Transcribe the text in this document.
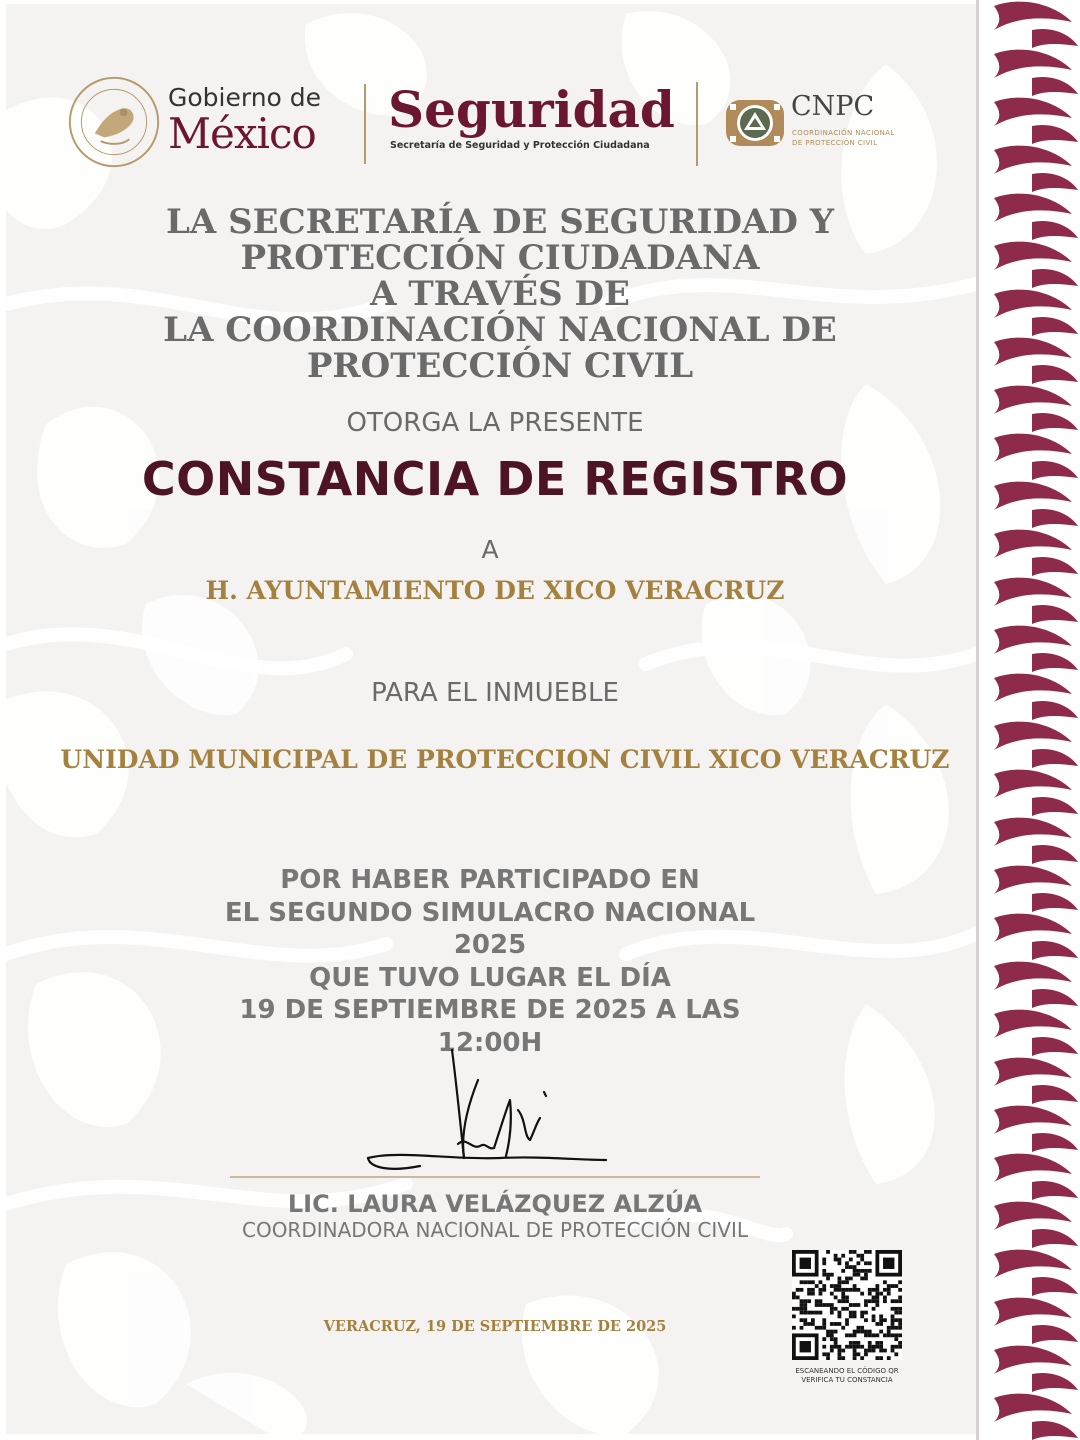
Gobierno de
México Seguridad
Secretaría de Seguridad y Protección Ciudadana
CNPC
COORDINACIÓN NACIONAL
DE PROTECCIÓN CIVIL
LA SECRETARÍA DE SEGURIDAD Y
PROTECCIÓN CIUDADANA
A TRAVÉS DE
LA COORDINACIÓN NACIONAL DE
PROTECCIÓN CIVIL
OTORGA LA PRESENTE
CONSTANCIA DE REGISTRO
A
H. AYUNTAMIENTO DE XICO VERACRUZ
PARA EL INMUEBLE
UNIDAD MUNICIPAL DE PROTECCION CIVIL XICO VERACRUZ
POR HABER PARTICIPADO EN
EL SEGUNDO SIMULACRO NACIONAL
2025
QUE TUVO LUGAR EL DÍA
19 DE SEPTIEMBRE DE 2025 A LAS
12:00H
LIC. LAURA VELÁZQUEZ ALZÚA
COORDINADORA NACIONAL DE PROTECCIÓN CIVIL
VERACRUZ, 19 DE SEPTIEMBRE DE 2025
ESCANEANDO EL CÓDIGO QR
VERIFICA TU CONSTANCIA
